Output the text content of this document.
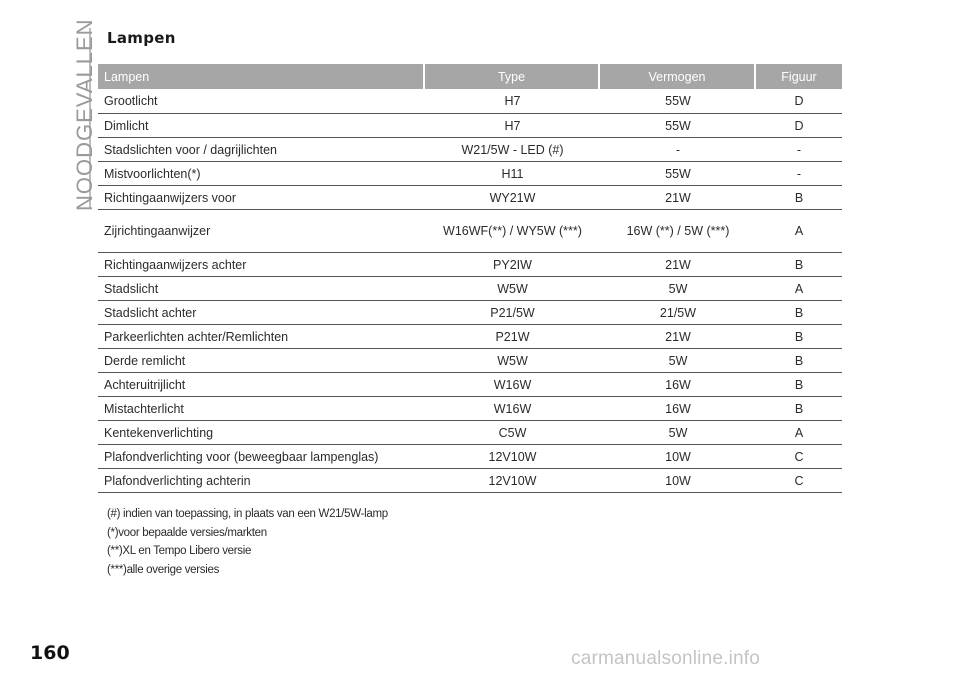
NOODGEVALLEN Lampen
Lampen	Type	Vermogen	Figuur
Grootlicht	H7	55W	D
Dimlicht	H7	55W	D
Stadslichten voor / dagrijlichten	W21/5W - LED (#)	-	-
Mistvoorlichten(*)	H11	55W	-
Richtingaanwijzers voor	WY21W	21W	B
Zijrichtingaanwijzer	W16WF(**) / WY5W (***)	16W (**) / 5W (***)	A
Richtingaanwijzers achter	PY2IW	21W	B
Stadslicht	W5W	5W	A
Stadslicht achter	P21/5W	21/5W	B
Parkeerlichten achter/Remlichten	P21W	21W	B
Derde remlicht	W5W	5W	B
Achteruitrijlicht	W16W	16W	B
Mistachterlicht	W16W	16W	B
Kentekenverlichting	C5W	5W	A
Plafondverlichting voor (beweegbaar lampenglas)	12V10W	10W	C
Plafondverlichting achterin	12V10W	10W	C
(#) indien van toepassing, in plaats van een W21/5W-lamp
(*)voor bepaalde versies/markten
(**)XL en Tempo Libero versie
(***)alle overige versies
160	carmanualsonline.info
